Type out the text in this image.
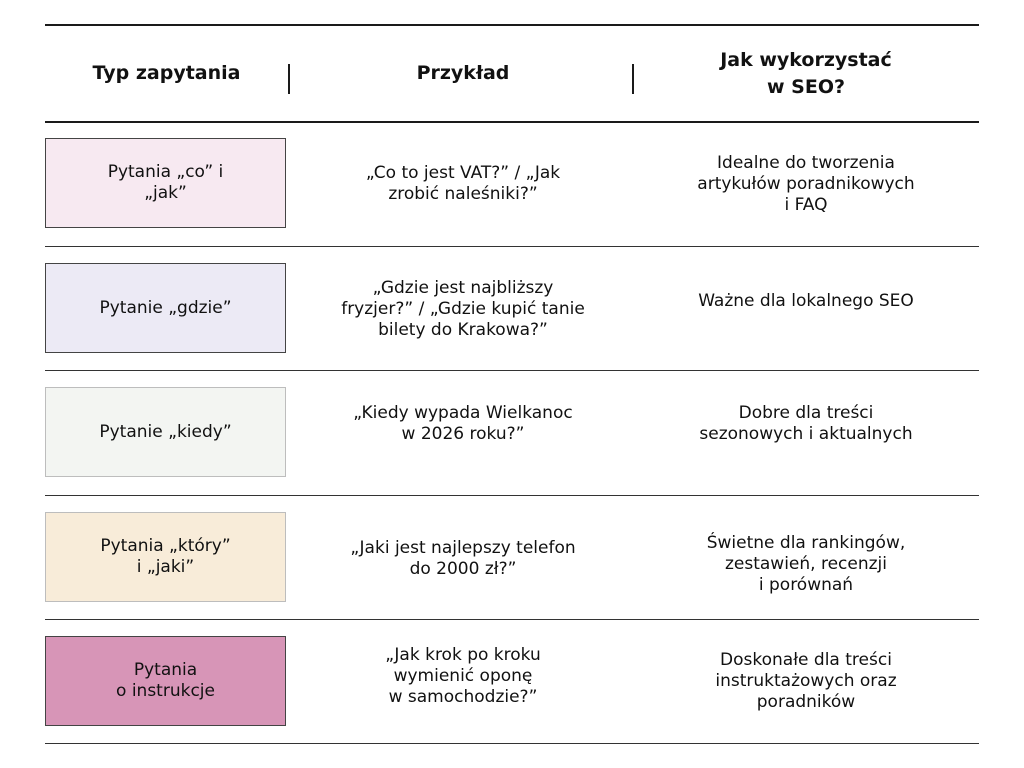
Typ zapytania	Przykład
Jak wykorzystać
w SEO?
Pytania „co” i
„jak”
„Co to jest VAT?” / „Jak
zrobić naleśniki?”
Idealne do tworzenia
artykułów poradnikowych
i FAQ
Pytanie „gdzie”
„Gdzie jest najbliższy
fryzjer?” / „Gdzie kupić tanie
bilety do Krakowa?”
Ważne dla lokalnego SEO
Pytanie „kiedy”
„Kiedy wypada Wielkanoc
w 2026 roku?”
Dobre dla treści
sezonowych i aktualnych
Pytania „który”
i „jaki”
„Jaki jest najlepszy telefon
do 2000 zł?”
Świetne dla rankingów,
zestawień, recenzji
i porównań
Pytania
o instrukcje
„Jak krok po kroku
wymienić oponę
w samochodzie?”
Doskonałe dla treści
instruktażowych oraz
poradników
